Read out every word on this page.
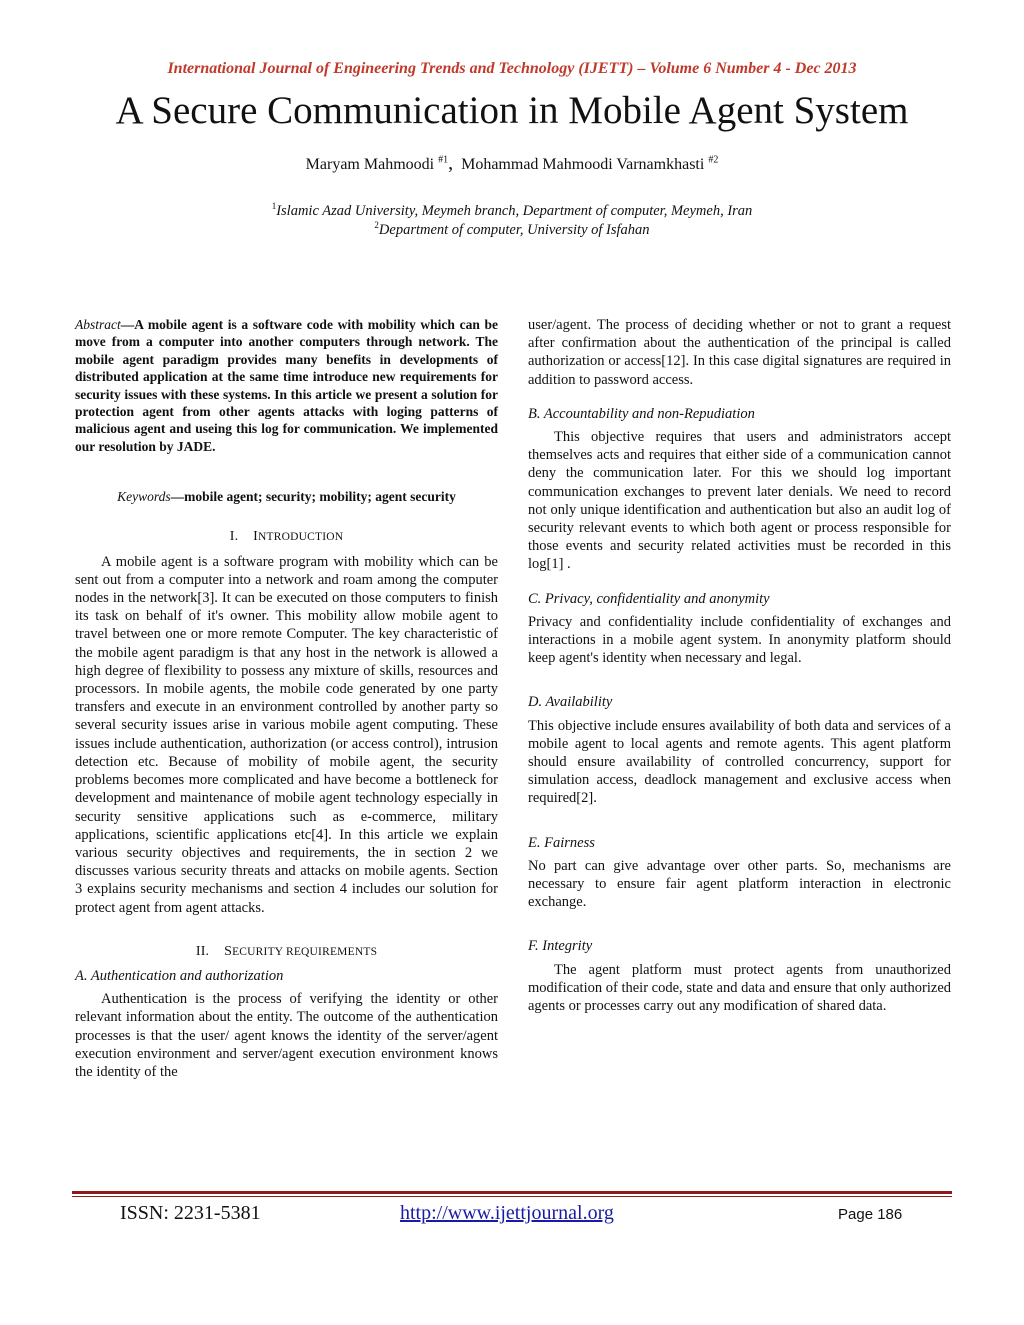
International Journal of Engineering Trends and Technology (IJETT) – Volume 6 Number 4 - Dec 2013
A Secure Communication in Mobile Agent System
Maryam Mahmoodi $^{\#1}$, Mohammad Mahmoodi Varnamkhasti $^{\#2}$
$^1$Islamic Azad University, Meymeh branch, Department of computer, Meymeh, Iran
$^2$Department of computer, University of Isfahan

Abstract—A mobile agent is a software code with mobility which can be move from a computer into another computers through network. The mobile agent paradigm provides many benefits in developments of distributed application at the same time introduce new requirements for security issues with these systems. In this article we present a solution for protection agent from other agents attacks with loging patterns of malicious agent and useing this log for communication. We implemented our resolution by JADE.

Keywords—mobile agent; security; mobility; agent security
I. INTRODUCTION

A mobile agent is a software program with mobility which can be sent out from a computer into a network and roam among the computer nodes in the network[3]. It can be executed on those computers to finish its task on behalf of it's owner. This mobility allow mobile agent to travel between one or more remote Computer. The key characteristic of the mobile agent paradigm is that any host in the network is allowed a high degree of flexibility to possess any mixture of skills, resources and processors. In mobile agents, the mobile code generated by one party transfers and execute in an environment controlled by another party so several security issues arise in various mobile agent computing. These issues include authentication, authorization (or access control), intrusion detection etc. Because of mobility of mobile agent, the security problems becomes more complicated and have become a bottleneck for development and maintenance of mobile agent technology especially in security sensitive applications such as e-commerce, military applications, scientific applications etc[4]. In this article we explain various security objectives and requirements, the in section 2 we discusses various security threats and attacks on mobile agents. Section 3 explains security mechanisms and section 4 includes our solution for protect agent from agent attacks.

II. SECURITY REQUIREMENTS
A. Authentication and authorization

Authentication is the process of verifying the identity or other relevant information about the entity. The outcome of the authentication processes is that the user/ agent knows the identity of the server/agent execution environment and server/agent execution environment knows the identity of the

user/agent. The process of deciding whether or not to grant a request after confirmation about the authentication of the principal is called authorization or access[12]. In this case digital signatures are required in addition to password access.

B. Accountability and non-Repudiation

This objective requires that users and administrators accept themselves acts and requires that either side of a communication cannot deny the communication later. For this we should log important communication exchanges to prevent later denials. We need to record not only unique identification and authentication but also an audit log of security relevant events to which both agent or process responsible for those events and security related activities must be recorded in this log[1] .

C. Privacy, confidentiality and anonymity

Privacy and confidentiality include confidentiality of exchanges and interactions in a mobile agent system. In anonymity platform should keep agent's identity when necessary and legal.

D. Availability

This objective include ensures availability of both data and services of a mobile agent to local agents and remote agents. This agent platform should ensure availability of controlled concurrency, support for simulation access, deadlock management and exclusive access when required[2].

E. Fairness

No part can give advantage over other parts. So, mechanisms are necessary to ensure fair agent platform interaction in electronic exchange.

F. Integrity

The agent platform must protect agents from unauthorized modification of their code, state and data and ensure that only authorized agents or processes carry out any modification of shared data.

ISSN: 2231-5381	http://www.ijettjournal.org	Page 186
